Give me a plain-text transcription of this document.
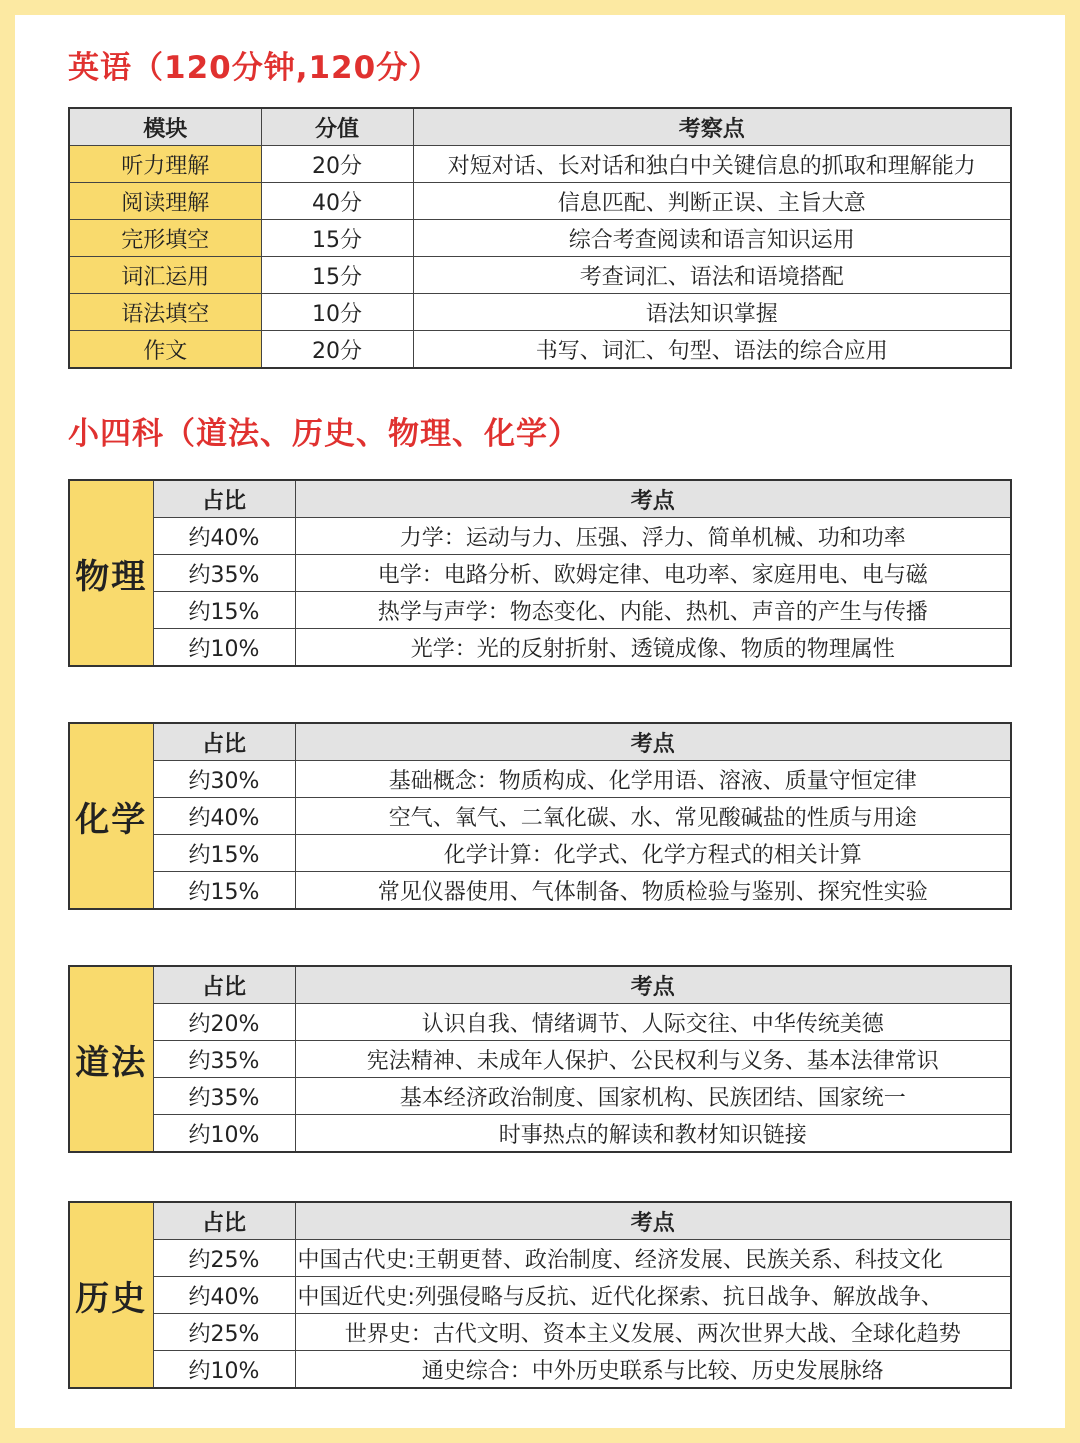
英语（120分钟,120分）
模块	分值	考察点
听力理解	20分	对短对话、长对话和独白中关键信息的抓取和理解能力
阅读理解	40分	信息匹配、判断正误、主旨大意
完形填空	15分	综合考查阅读和语言知识运用
词汇运用	15分	考查词汇、语法和语境搭配
语法填空	10分	语法知识掌握
作文	20分	书写、词汇、句型、语法的综合应用
小四科（道法、历史、物理、化学）
物理	占比	考点
	约40%	力学：运动与力、压强、浮力、简单机械、功和功率
	约35%	电学：电路分析、欧姆定律、电功率、家庭用电、电与磁
	约15%	热学与声学：物态变化、内能、热机、声音的产生与传播
	约10%	光学：光的反射折射、透镜成像、物质的物理属性
化学	占比	考点
	约30%	基础概念：物质构成、化学用语、溶液、质量守恒定律
	约40%	空气、氧气、二氧化碳、水、常见酸碱盐的性质与用途
	约15%	化学计算：化学式、化学方程式的相关计算
	约15%	常见仪器使用、气体制备、物质检验与鉴别、探究性实验
道法	占比	考点
	约20%	认识自我、情绪调节、人际交往、中华传统美德
	约35%	宪法精神、未成年人保护、公民权利与义务、基本法律常识
	约35%	基本经济政治制度、国家机构、民族团结、国家统一
	约10%	时事热点的解读和教材知识链接
历史	占比	考点
	约25%	中国古代史:王朝更替、政治制度、经济发展、民族关系、科技文化
	约40%	中国近代史:列强侵略与反抗、近代化探索、抗日战争、解放战争、
	约25%	世界史：古代文明、资本主义发展、两次世界大战、全球化趋势
	约10%	通史综合：中外历史联系与比较、历史发展脉络
